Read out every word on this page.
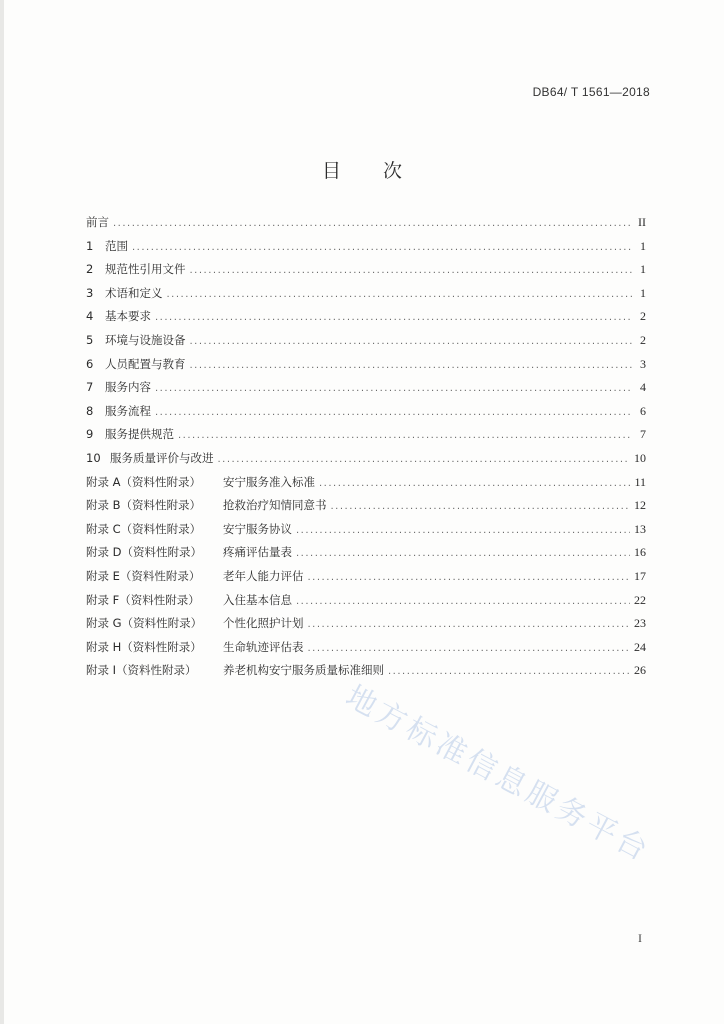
DB64/ T 1561—2018
目 次
前言 .....	II
1	范围 .....	1
2	规范性引用文件 .....	1
3	术语和定义 .....	1
4	基本要求 .....	2
5	环境与设施设备 .....	2
6	人员配置与教育 .....	3
7	服务内容 .....	4
8	服务流程 .....	6
9	服务提供规范 .....	7
10 服务质量评价与改进 .....	10
附录 A（资料性附录）	安宁服务准入标准 .....	11
附录 B（资料性附录）	抢救治疗知情同意书 .....	12
附录 C（资料性附录）	安宁服务协议 .....	13
附录 D（资料性附录）	疼痛评估量表 .....	16
附录 E（资料性附录）	老年人能力评估 .....	17
附录 F（资料性附录）	入住基本信息 .....	22
附录 G（资料性附录）	个性化照护计划 .....	23
附录 H（资料性附录）	生命轨迹评估表 .....	24
附录 I（资料性附录）	养老机构安宁服务质量标准细则 .....	26
地方标准信息服务平台
I
